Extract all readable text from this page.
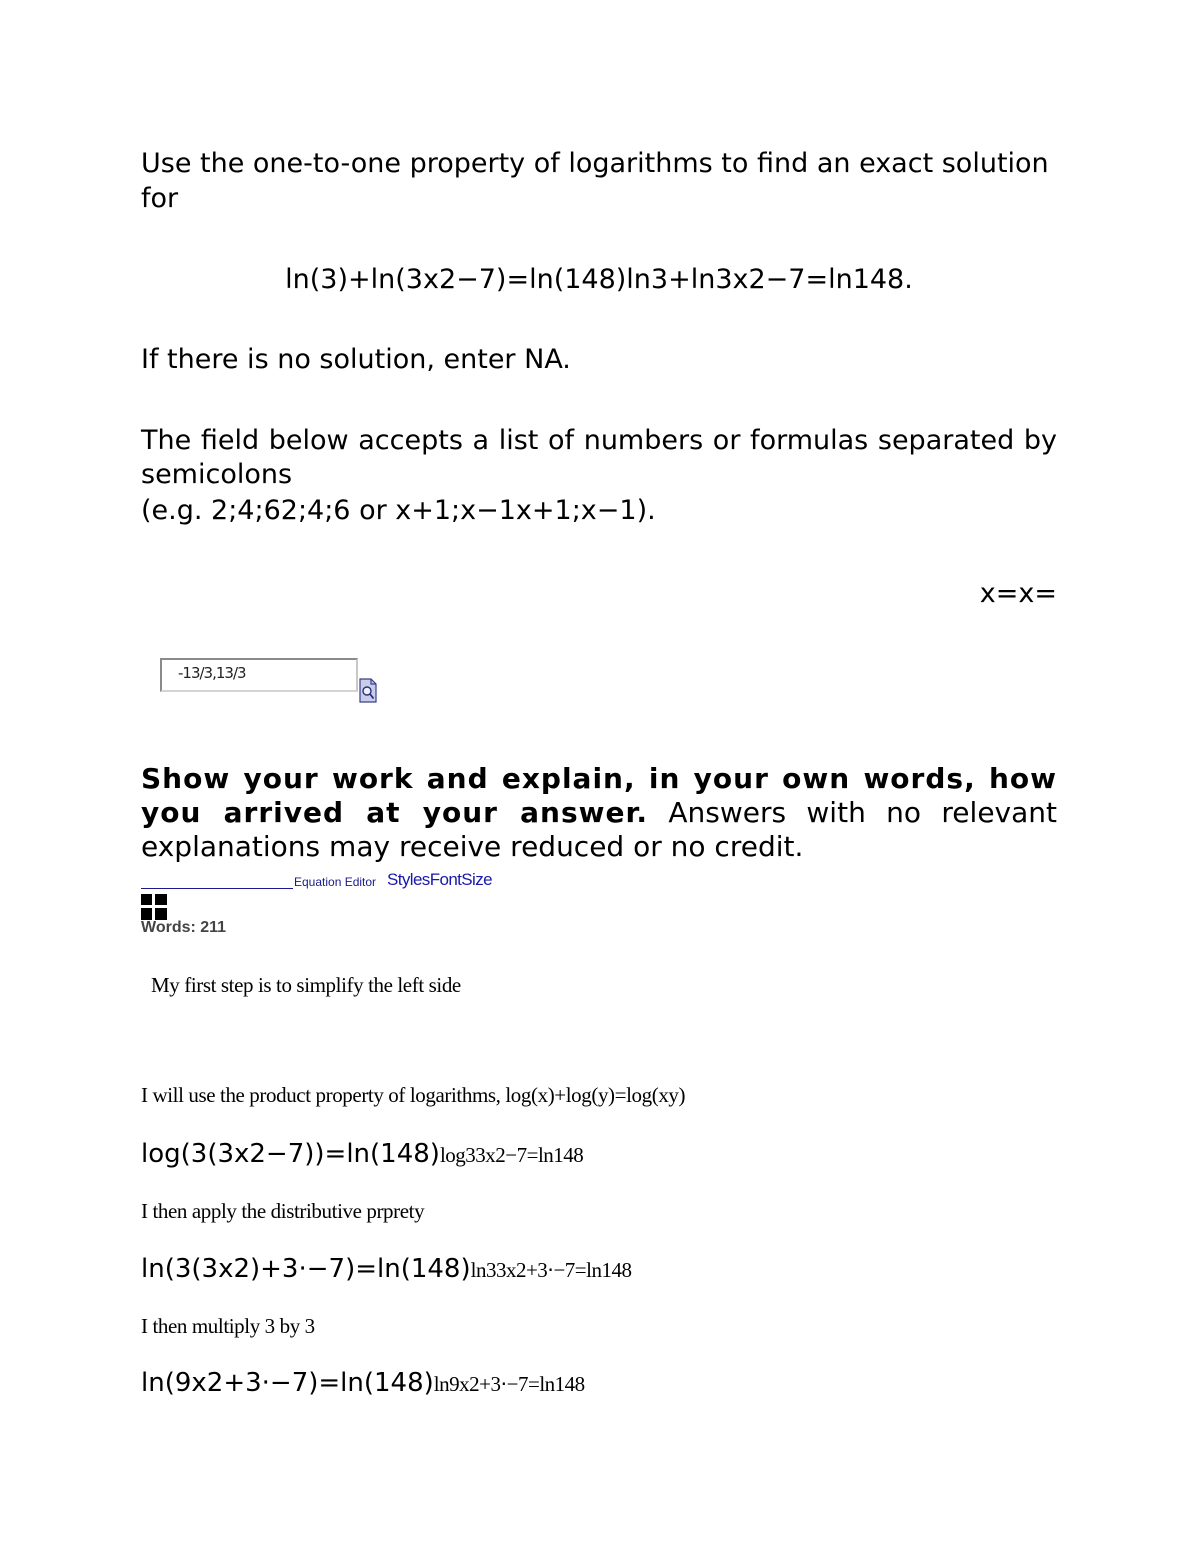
Use the one-to-one property of logarithms to find an exact solution for

ln(3)+ln(3x2−7)=ln(148)ln3+ln3x2−7=ln148.

If there is no solution, enter NA.

The field below accepts a list of numbers or formulas separated by semicolons

(e.g. 2;4;62;4;6 or x+1;x−1x+1;x−1).

x=x=

-13/3,13/3

Show your work and explain, in your own words, how you arrived at your answer. Answers with no relevant explanations may receive reduced or no credit.

Equation Editor StylesFontSize
Words: 211

My first step is to simplify the left side

I will use the product property of logarithms, log(x)+log(y)=log(xy)

log(3(3x2−7))=ln(148)log33x2−7=ln148

I then apply the distributive prprety

ln(3(3x2)+3⋅−7)=ln(148)ln33x2+3⋅−7=ln148

I then multiply 3 by 3

ln(9x2+3⋅−7)=ln(148)ln9x2+3⋅−7=ln148
